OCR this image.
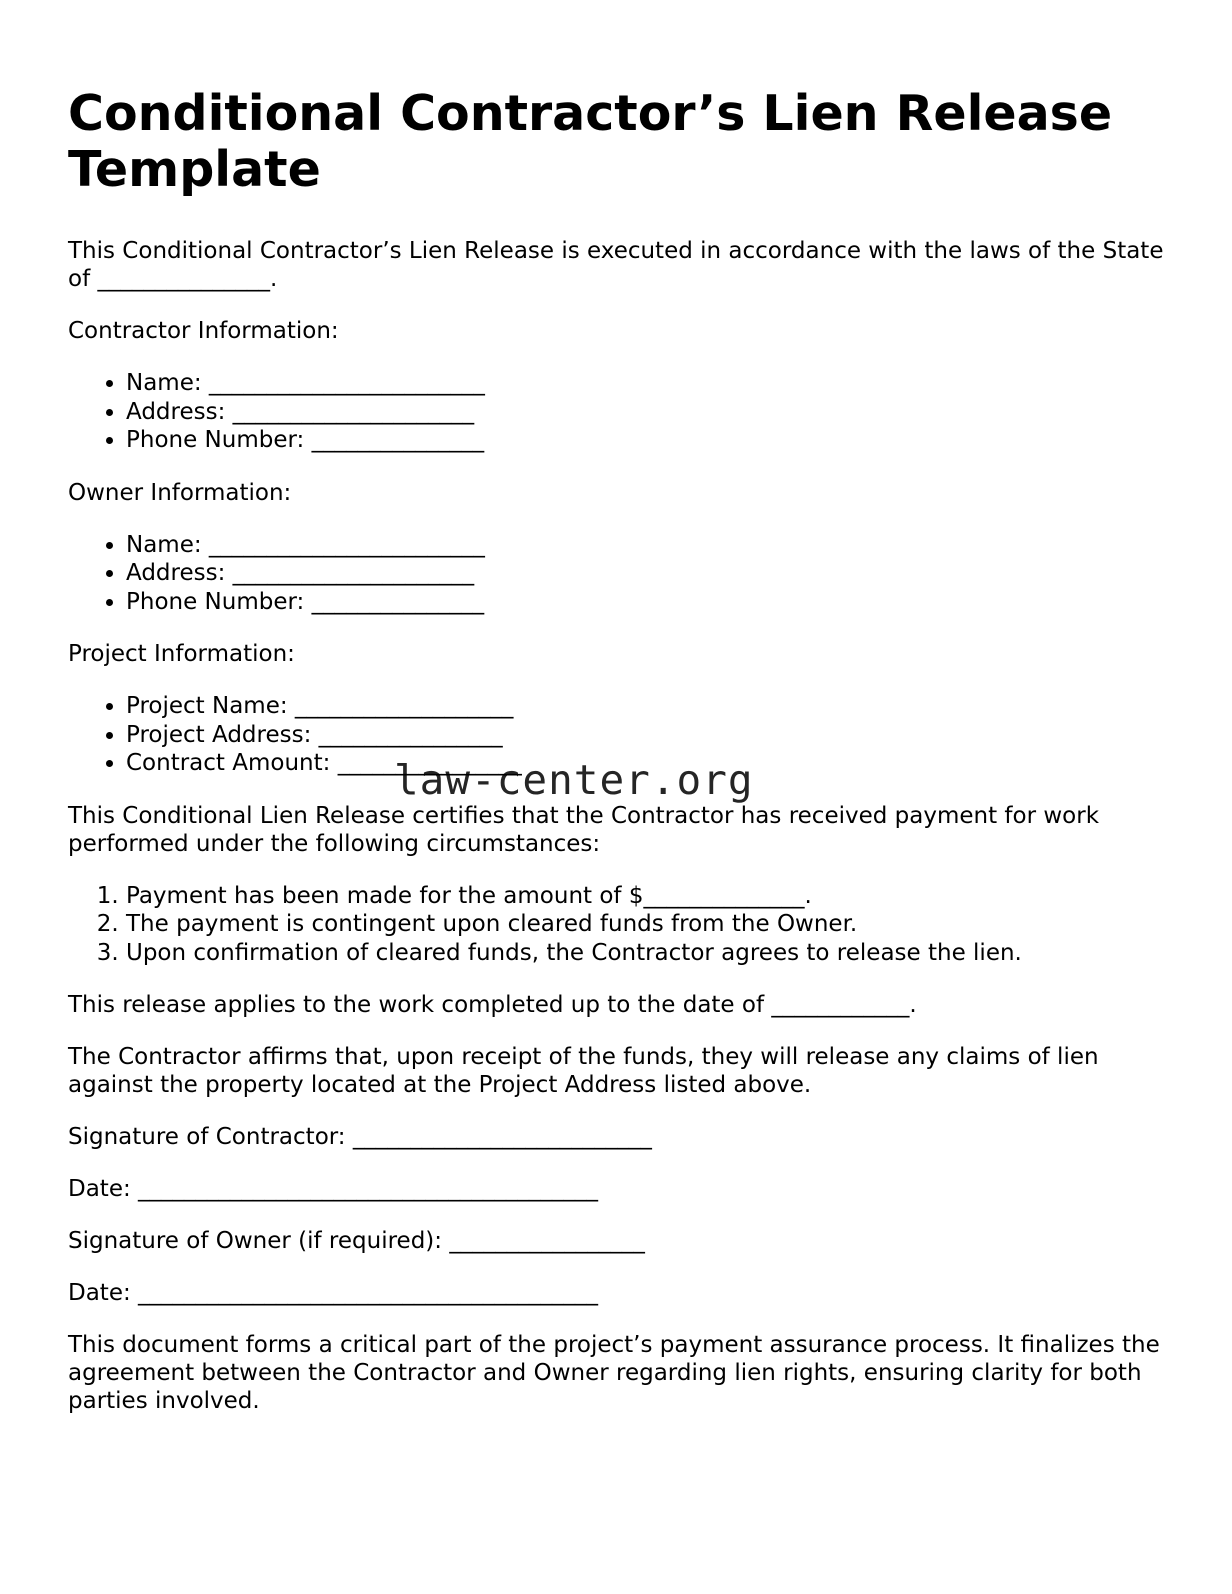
Conditional Contractor’s Lien Release Template

This Conditional Contractor’s Lien Release is executed in accordance with the laws of the State of _______________.

Contractor Information:

• Name: ________________________
• Address: _____________________
• Phone Number: _______________

Owner Information:

• Name: ________________________
• Address: _____________________
• Phone Number: _______________

Project Information:

• Project Name: ___________________
• Project Address: ________________
• Contract Amount: ________________

This Conditional Lien Release certifies that the Contractor has received payment for work performed under the following circumstances:

1. Payment has been made for the amount of $______________.
2. The payment is contingent upon cleared funds from the Owner.
3. Upon confirmation of cleared funds, the Contractor agrees to release the lien.

This release applies to the work completed up to the date of ____________.

The Contractor affirms that, upon receipt of the funds, they will release any claims of lien against the property located at the Project Address listed above.

Signature of Contractor: __________________________

Date: ________________________________________

Signature of Owner (if required): _________________

Date: ________________________________________

This document forms a critical part of the project’s payment assurance process. It finalizes the agreement between the Contractor and Owner regarding lien rights, ensuring clarity for both parties involved.

law-center.org
